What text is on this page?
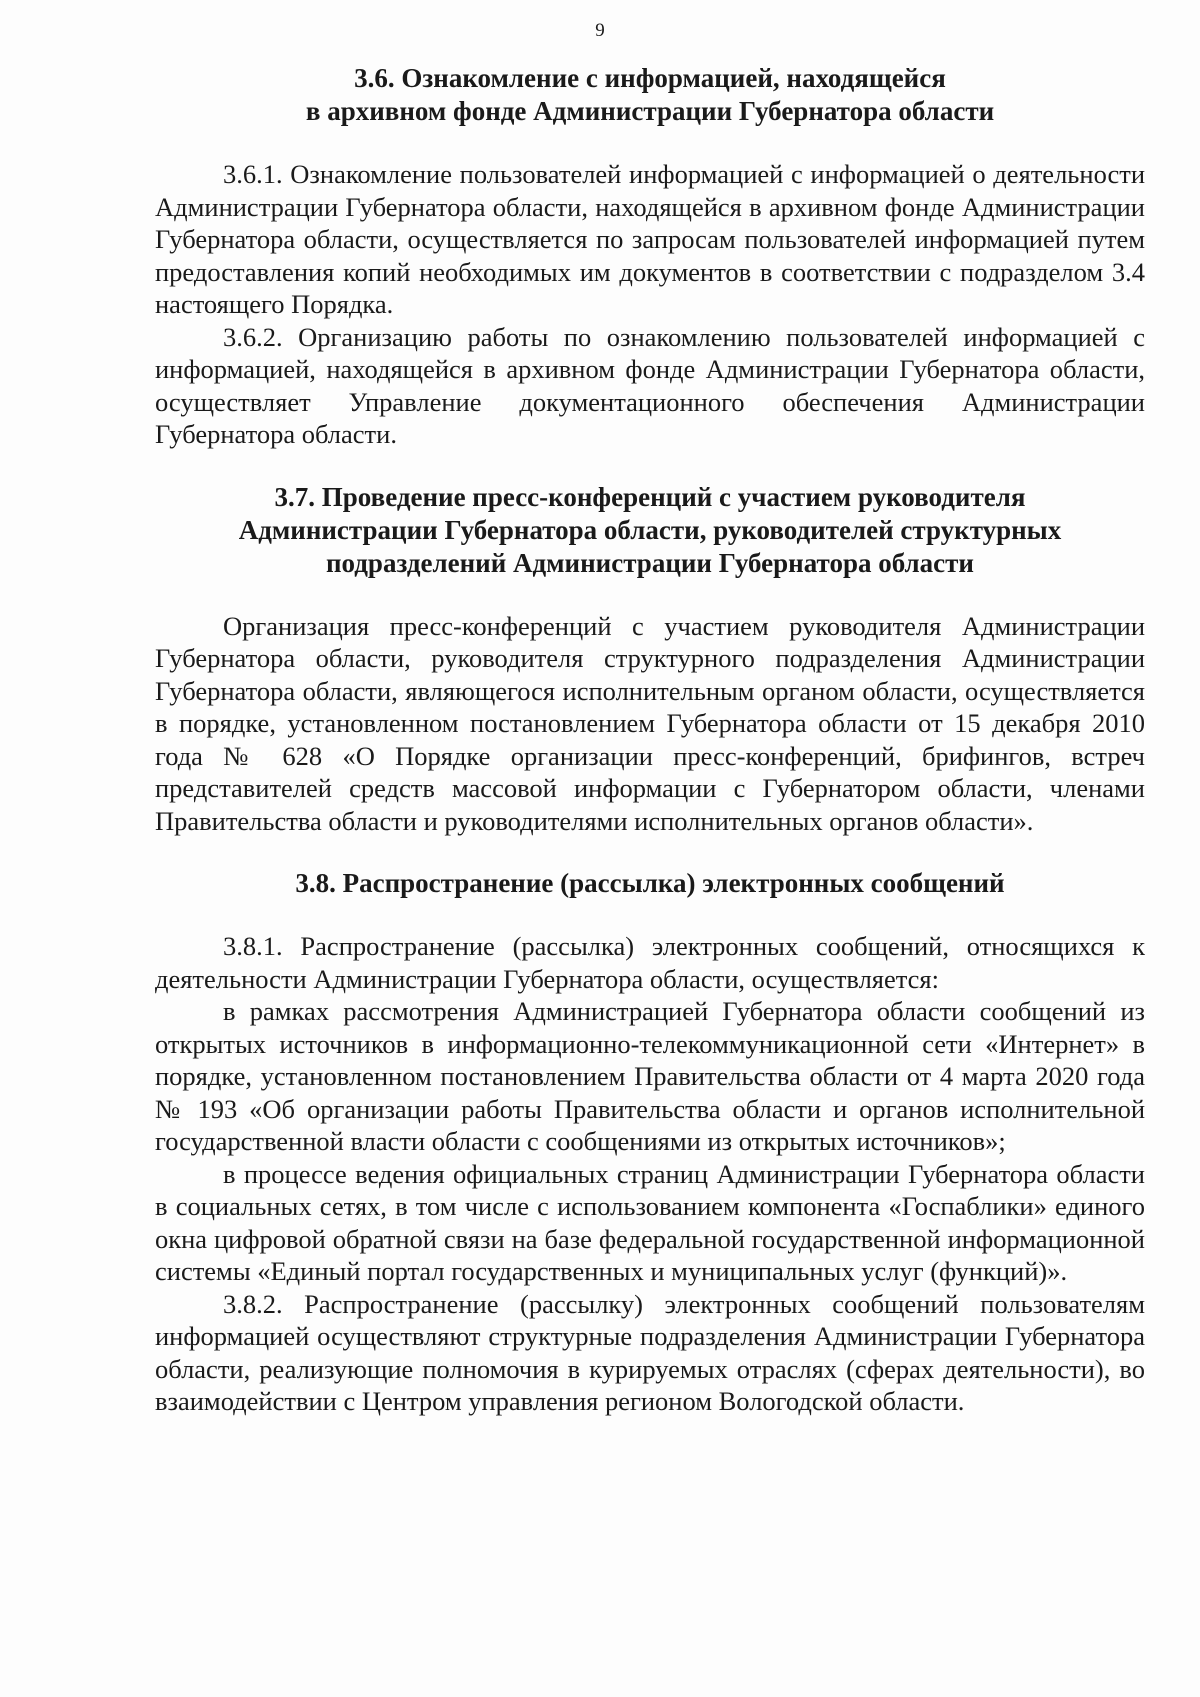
9

3.6. Ознакомление с информацией, находящейся
в архивном фонде Администрации Губернатора области

3.6.1. Ознакомление пользователей информацией с информацией о деятельности Администрации Губернатора области, находящейся в архивном фонде Администрации Губернатора области, осуществляется по запросам пользователей информацией путем предоставления копий необходимых им документов в соответствии с подразделом 3.4 настоящего Порядка.

3.6.2. Организацию работы по ознакомлению пользователей информацией с информацией, находящейся в архивном фонде Администрации Губернатора области, осуществляет Управление документационного обеспечения Администрации Губернатора области.

3.7. Проведение пресс-конференций с участием руководителя
Администрации Губернатора области, руководителей структурных
подразделений Администрации Губернатора области

Организация пресс-конференций с участием руководителя Администрации Губернатора области, руководителя структурного подразделения Администрации Губернатора области, являющегося исполнительным органом области, осуществляется в порядке, установленном постановлением Губернатора области от 15 декабря 2010 года № 628 «О Порядке организации пресс-конференций, брифингов, встреч представителей средств массовой информации с Губернатором области, членами Правительства области и руководителями исполнительных органов области».

3.8. Распространение (рассылка) электронных сообщений

3.8.1. Распространение (рассылка) электронных сообщений, относящихся к деятельности Администрации Губернатора области, осуществляется:

в рамках рассмотрения Администрацией Губернатора области сообщений из открытых источников в информационно-телекоммуникационной сети «Интернет» в порядке, установленном постановлением Правительства области от 4 марта 2020 года № 193 «Об организации работы Правительства области и органов исполнительной государственной власти области с сообщениями из открытых источников»;

в процессе ведения официальных страниц Администрации Губернатора области в социальных сетях, в том числе с использованием компонента «Госпаблики» единого окна цифровой обратной связи на базе федеральной государственной информационной системы «Единый портал государственных и муниципальных услуг (функций)».

3.8.2. Распространение (рассылку) электронных сообщений пользователям информацией осуществляют структурные подразделения Администрации Губернатора области, реализующие полномочия в курируемых отраслях (сферах деятельности), во взаимодействии с Центром управления регионом Вологодской области.
